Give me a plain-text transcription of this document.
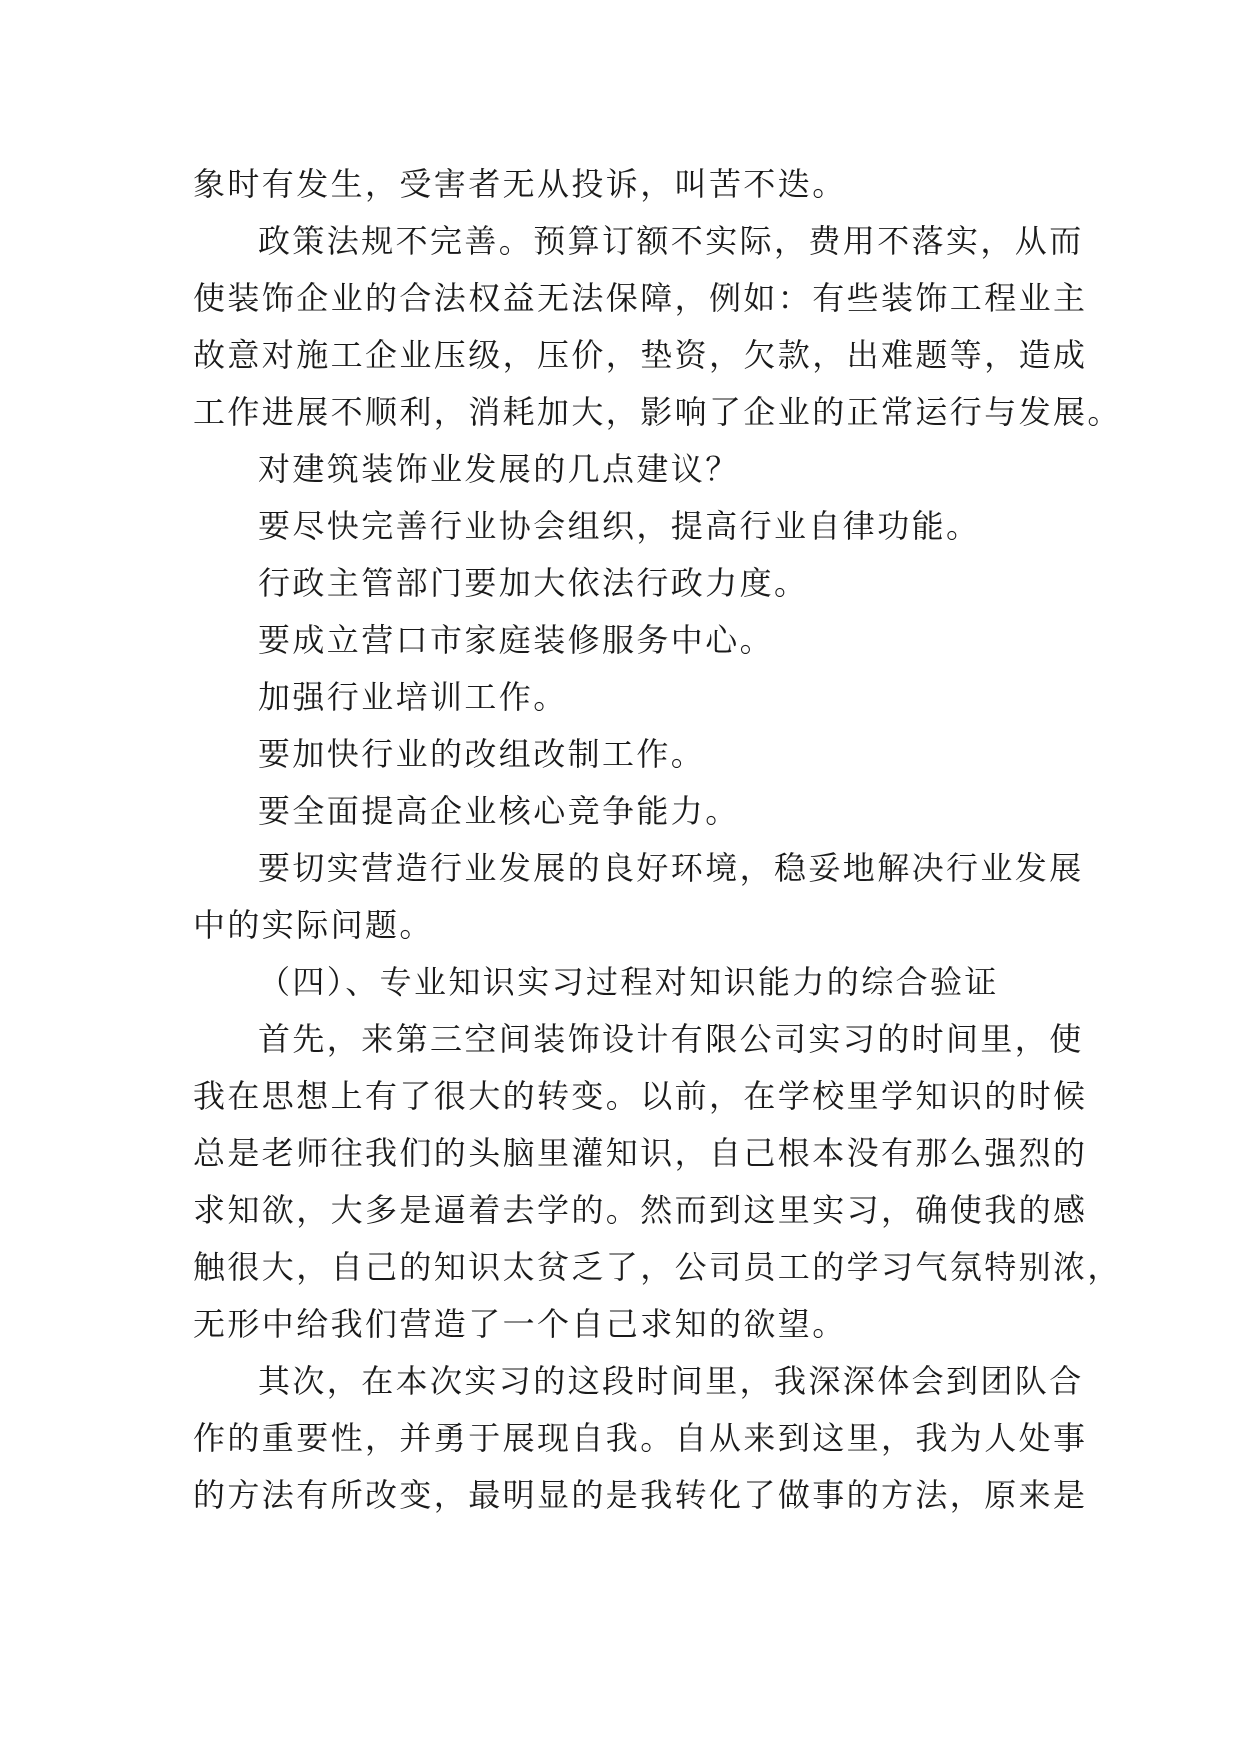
象时有发生，受害者无从投诉，叫苦不迭。
政策法规不完善。预算订额不实际，费用不落实，从而
使装饰企业的合法权益无法保障，例如：有些装饰工程业主
故意对施工企业压级，压价，垫资，欠款，出难题等，造成
工作进展不顺利，消耗加大，影响了企业的正常运行与发展。
对建筑装饰业发展的几点建议？
要尽快完善行业协会组织，提高行业自律功能。
行政主管部门要加大依法行政力度。
要成立营口市家庭装修服务中心。
加强行业培训工作。
要加快行业的改组改制工作。
要全面提高企业核心竞争能力。
要切实营造行业发展的良好环境，稳妥地解决行业发展
中的实际问题。
（四）、专业知识实习过程对知识能力的综合验证
首先，来第三空间装饰设计有限公司实习的时间里，使
我在思想上有了很大的转变。以前，在学校里学知识的时候
总是老师往我们的头脑里灌知识，自己根本没有那么强烈的
求知欲，大多是逼着去学的。然而到这里实习，确使我的感
触很大，自己的知识太贫乏了，公司员工的学习气氛特别浓，
无形中给我们营造了一个自己求知的欲望。
其次，在本次实习的这段时间里，我深深体会到团队合
作的重要性，并勇于展现自我。自从来到这里，我为人处事
的方法有所改变，最明显的是我转化了做事的方法，原来是
